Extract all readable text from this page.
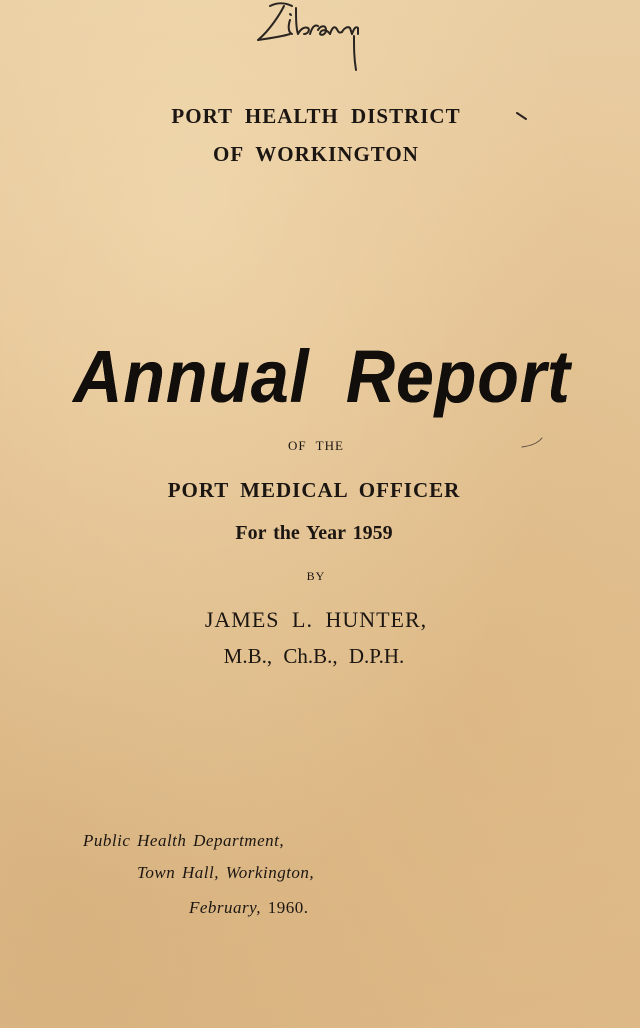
PORT HEALTH DISTRICT
OF WORKINGTON
Annual Report
OF THE
PORT MEDICAL OFFICER
For the Year 1959
BY
JAMES L. HUNTER,
M.B., Ch.B., D.P.H.
Public Health Department,
Town Hall, Workington,
February, 1960.
